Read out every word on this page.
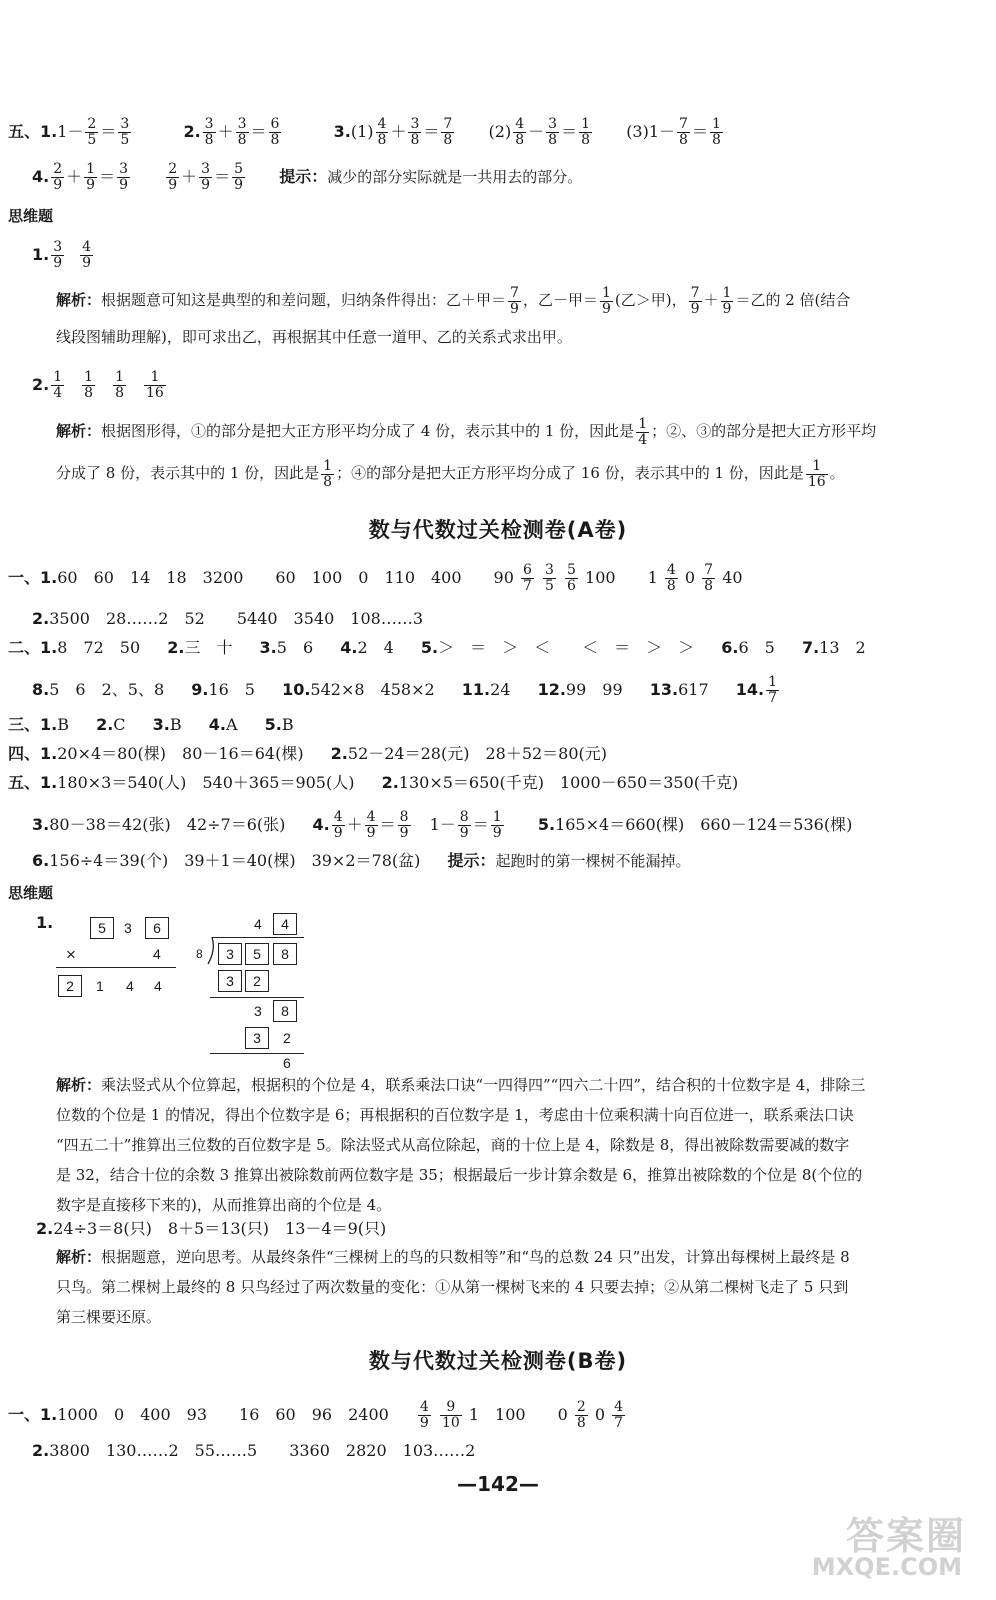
五、$1.1- \frac{2}{5} = \frac{3}{5}$	2. $\frac{3}{8} + \frac{3}{8} = \frac{6}{8}$	$3.(1) \frac{4}{8} + \frac{3}{8} = \frac{7}{8} (2) \frac{4}{8} - \frac{3}{8} = \frac{1}{8} (3)1- \frac{7}{8} = \frac{1}{8}$
4. $\frac{2}{9} + \frac{1}{9} = \frac{3}{9}$
	$\frac{2}{9} + \frac{3}{9} = \frac{5}{9}$ 提示：减少的部分实际就是一共用去的部分。
思维题
1. $\frac{3}{9} \frac{4}{9}$
解析：根据题意可知这是典型的和差问题，归纳条件得出：乙＋甲＝ $\frac{7}{9}$ ，乙－甲＝ $\frac{1}{9}$ (乙＞甲)， $\frac{7}{9} + \frac{1}{9}$ ＝乙的 2 倍(结合
线段图辅助理解)，即可求出乙，再根据其中任意一道甲、乙的关系式求出甲。
2. $\frac{1}{4} \frac{1}{8} \frac{1}{8} \frac{1}{16}$
解析：根据图形得，①的部分是把大正方形平均分成了 4 份，表示其中的 1 份，因此是 $\frac{1}{4}$ ；②、③的部分是把大正方形平均
分成了 8 份，表示其中的 1 份，因此是 $\frac{1}{8}$ ；④的部分是把大正方形平均分成了 16 份，表示其中的 1 份，因此是 $\frac{1}{16}$ 。
数与代数过关检测卷(A卷)
一、1.60　60　14　18　3200　　60　100　0　110　400　　$90 \frac{6}{7}$
$\frac{3}{5}$
$\frac{5}{6} 100$　　$1 \frac{4}{8} 0 \frac{7}{8} 40$
2.3500　28……2　52　　5440　3540　108……3
二、1.8　72　50 2.三　十 3.5　6 4.2　4 5.＞　＝　＞　＜　　＜　＝　＞　＞ 6.6　5 7.13　2
8.5　6　2、5、8 9.16　5 10.542×8　458×2 11.24 12.99　99 13.617 14. $\frac{1}{7}$
三、1.B 2.C 3.B 4.A 5.B
四、1.20×4＝80(棵)　80－16＝64(棵) 2.52－24＝28(元)　28＋52＝80(元)
五、1.180×3＝540(人)　540＋365＝905(人) 2.130×5＝650(千克)　1000－650＝350(千克)
3.80－38＝42(张)　42÷7＝6(张) 4. $\frac{4}{9} + \frac{4}{9} = \frac{8}{9} 1- \frac{8}{9} = \frac{1}{9} 5.165\times 4=660$(棵)　660－124＝536(棵)
6.156÷4＝39(个)　39＋1＝40(棵)　39×2＝78(盆) 提示：起跑时的第一棵树不能漏掉。
思维题
1.	5	3	6
×	4
2	1 4 4
4	4
8	3	5	8
3	2
3	8
3	2
6
解析：乘法竖式从个位算起，根据积的个位是 4，联系乘法口诀“一四得四”“四六二十四”，结合积的十位数字是 4，排除三
位数的个位是 1 的情况，得出个位数字是 6；再根据积的百位数字是 1，考虑由十位乘积满十向百位进一，联系乘法口诀
“四五二十”推算出三位数的百位数字是 5。除法竖式从高位除起，商的十位上是 4，除数是 8，得出被除数需要减的数字
是 32，结合十位的余数 3 推算出被除数前两位数字是 35；根据最后一步计算余数是 6，推算出被除数的个位是 8(个位的
数字是直接移下来的)，从而推算出商的个位是 4。
2.24÷3＝8(只)　8＋5＝13(只)　13－4＝9(只)
解析：根据题意，逆向思考。从最终条件“三棵树上的鸟的只数相等”和“鸟的总数 24 只”出发，计算出每棵树上最终是 8
只鸟。第二棵树上最终的 8 只鸟经过了两次数量的变化：①从第一棵树飞来的 4 只要去掉；②从第二棵树飞走了 5 只到
第三棵要还原。
数与代数过关检测卷(B卷)
一、1.1000　0　400　93　　16　60　96　$2400 \frac{4}{9}$
$\frac{9}{10} 1$　100　　$0 \frac{2}{8} 0 \frac{4}{7}$
2.3800　130……2　55……5　　3360　2820　103……2
—142—
答案圈
MXQE.COM
